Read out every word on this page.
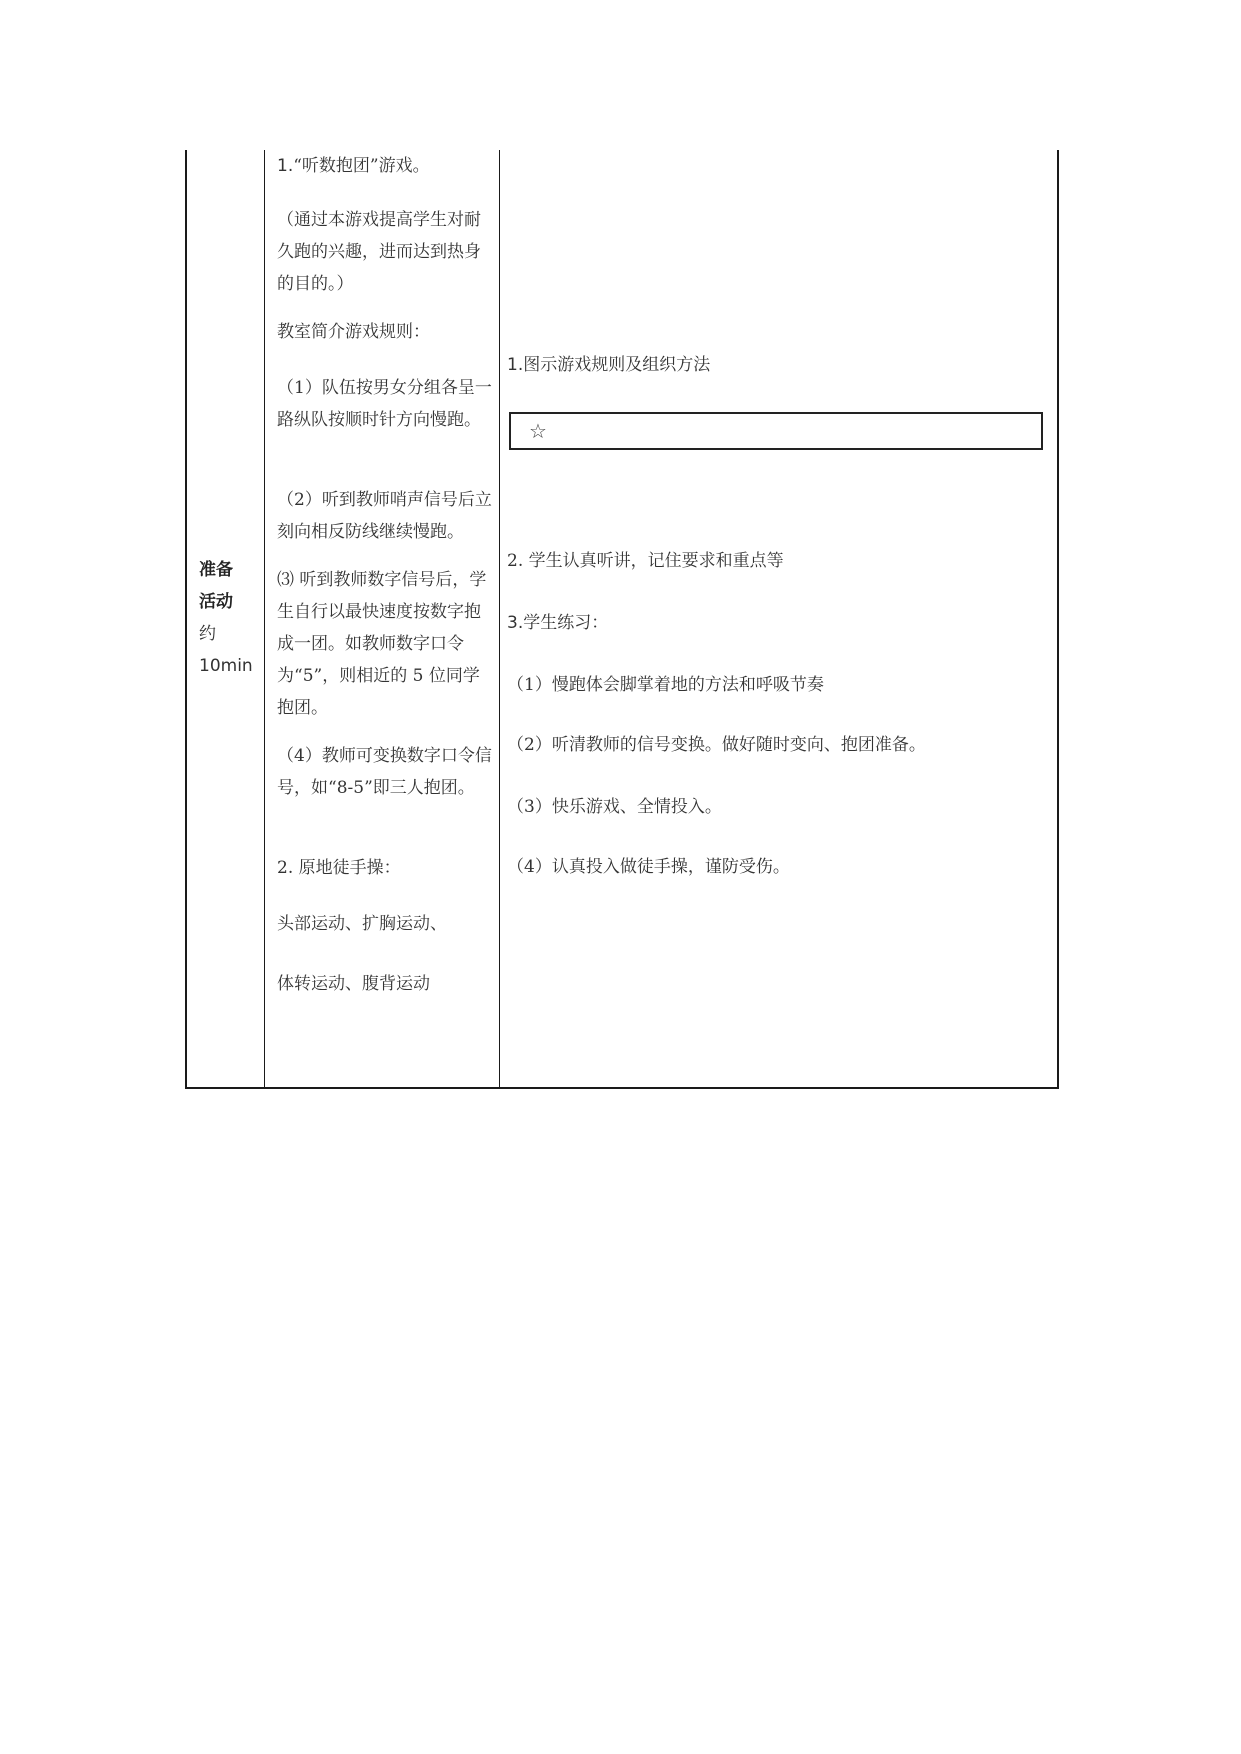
准备
活动
约
10min

1.“听数抱团”游戏。

（通过本游戏提高学生对耐久跑的兴趣，进而达到热身的目的。）

教室简介游戏规则：

（1）队伍按男女分组各呈一路纵队按顺时针方向慢跑。

（2）听到教师哨声信号后立刻向相反防线继续慢跑。

⑶ 听到教师数字信号后，学生自行以最快速度按数字抱成一团。如教师数字口令为“5”，则相近的 5 位同学抱团。

（4）教师可变换数字口令信号，如“8-5”即三人抱团。

2. 原地徒手操：

头部运动、扩胸运动、

体转运动、腹背运动

1.图示游戏规则及组织方法

2. 学生认真听讲，记住要求和重点等

3.学生练习：

（1）慢跑体会脚掌着地的方法和呼吸节奏

（2）听清教师的信号变换。做好随时变向、抱团准备。

（3）快乐游戏、全情投入。

（4）认真投入做徒手操，谨防受伤。

☆
